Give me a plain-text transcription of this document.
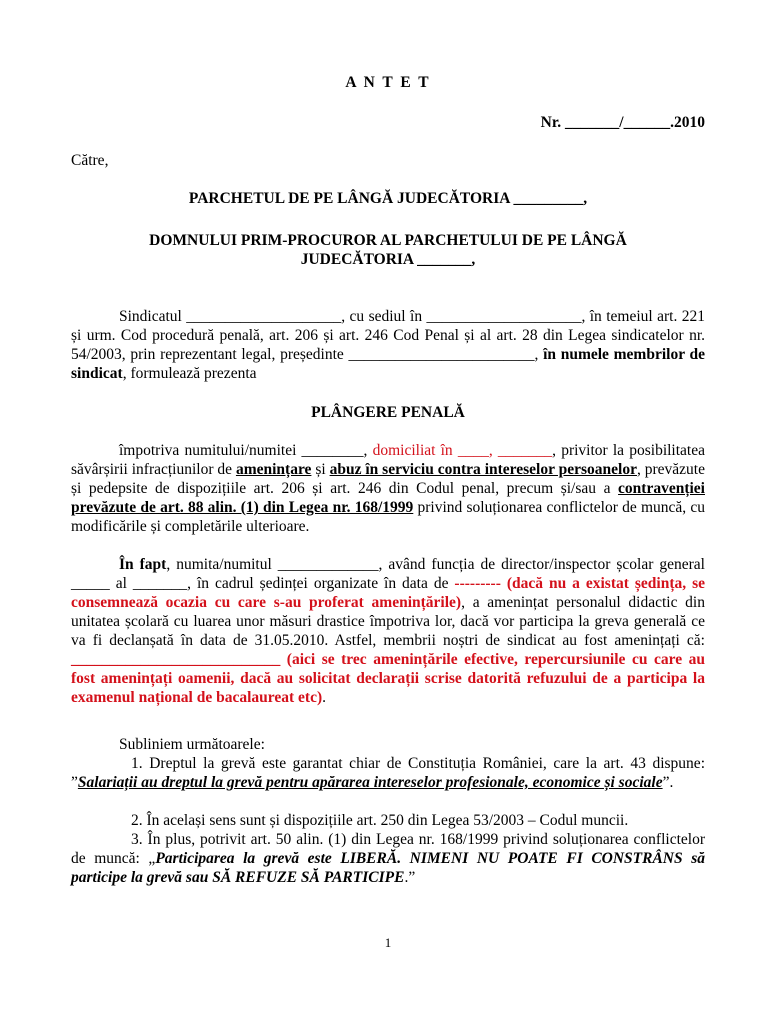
A N T E T
Nr. _______/______.2010
Către,
PARCHETUL DE PE LÂNGĂ JUDECĂTORIA _________,
DOMNULUI PRIM-PROCUROR AL PARCHETULUI DE PE LÂNGĂ
JUDECĂTORIA _______,
Sindicatul ____________________, cu sediul în ____________________, în temeiul art. 221 și urm. Cod procedură penală, art. 206 și art. 246 Cod Penal și al art. 28 din Legea sindicatelor nr. 54/2003, prin reprezentant legal, președinte ________________________, în numele membrilor de sindicat, formulează prezenta
PLÂNGERE PENALĂ
împotriva numitului/numitei ________, domiciliat în ____, _______, privitor la posibilitatea săvârșirii infracțiunilor de amenințare și abuz în serviciu contra intereselor persoanelor, prevăzute și pedepsite de dispozițiile art. 206 și art. 246 din Codul penal, precum și/sau a contravenției prevăzute de art. 88 alin. (1) din Legea nr. 168/1999 privind soluționarea conflictelor de muncă, cu modificările și completările ulterioare.
În fapt, numita/numitul _____________, având funcția de director/inspector școlar general _____ al _______, în cadrul ședinței organizate în data de --------- (dacă nu a existat ședința, se consemnează ocazia cu care s-au proferat amenințările), a amenințat personalul didactic din unitatea școlară cu luarea unor măsuri drastice împotriva lor, dacă vor participa la greva generală ce va fi declanșată în data de 31.05.2010. Astfel, membrii noștri de sindicat au fost amenințați că: ___________________________ (aici se trec amenințările efective, repercursiunile cu care au fost amenințați oamenii, dacă au solicitat declarații scrise datorită refuzului de a participa la examenul național de bacalaureat etc).
Subliniem următoarele:
1. Dreptul la grevă este garantat chiar de Constituția României, care la art. 43 dispune: ”Salariații au dreptul la grevă pentru apărarea intereselor profesionale, economice și sociale”.
2. În același sens sunt și dispozițiile art. 250 din Legea 53/2003 – Codul muncii.
3. În plus, potrivit art. 50 alin. (1) din Legea nr. 168/1999 privind soluționarea conflictelor de muncă: „Participarea la grevă este LIBERĂ. NIMENI NU POATE FI CONSTRÂNS să participe la grevă sau SĂ REFUZE SĂ PARTICIPE.”
1
